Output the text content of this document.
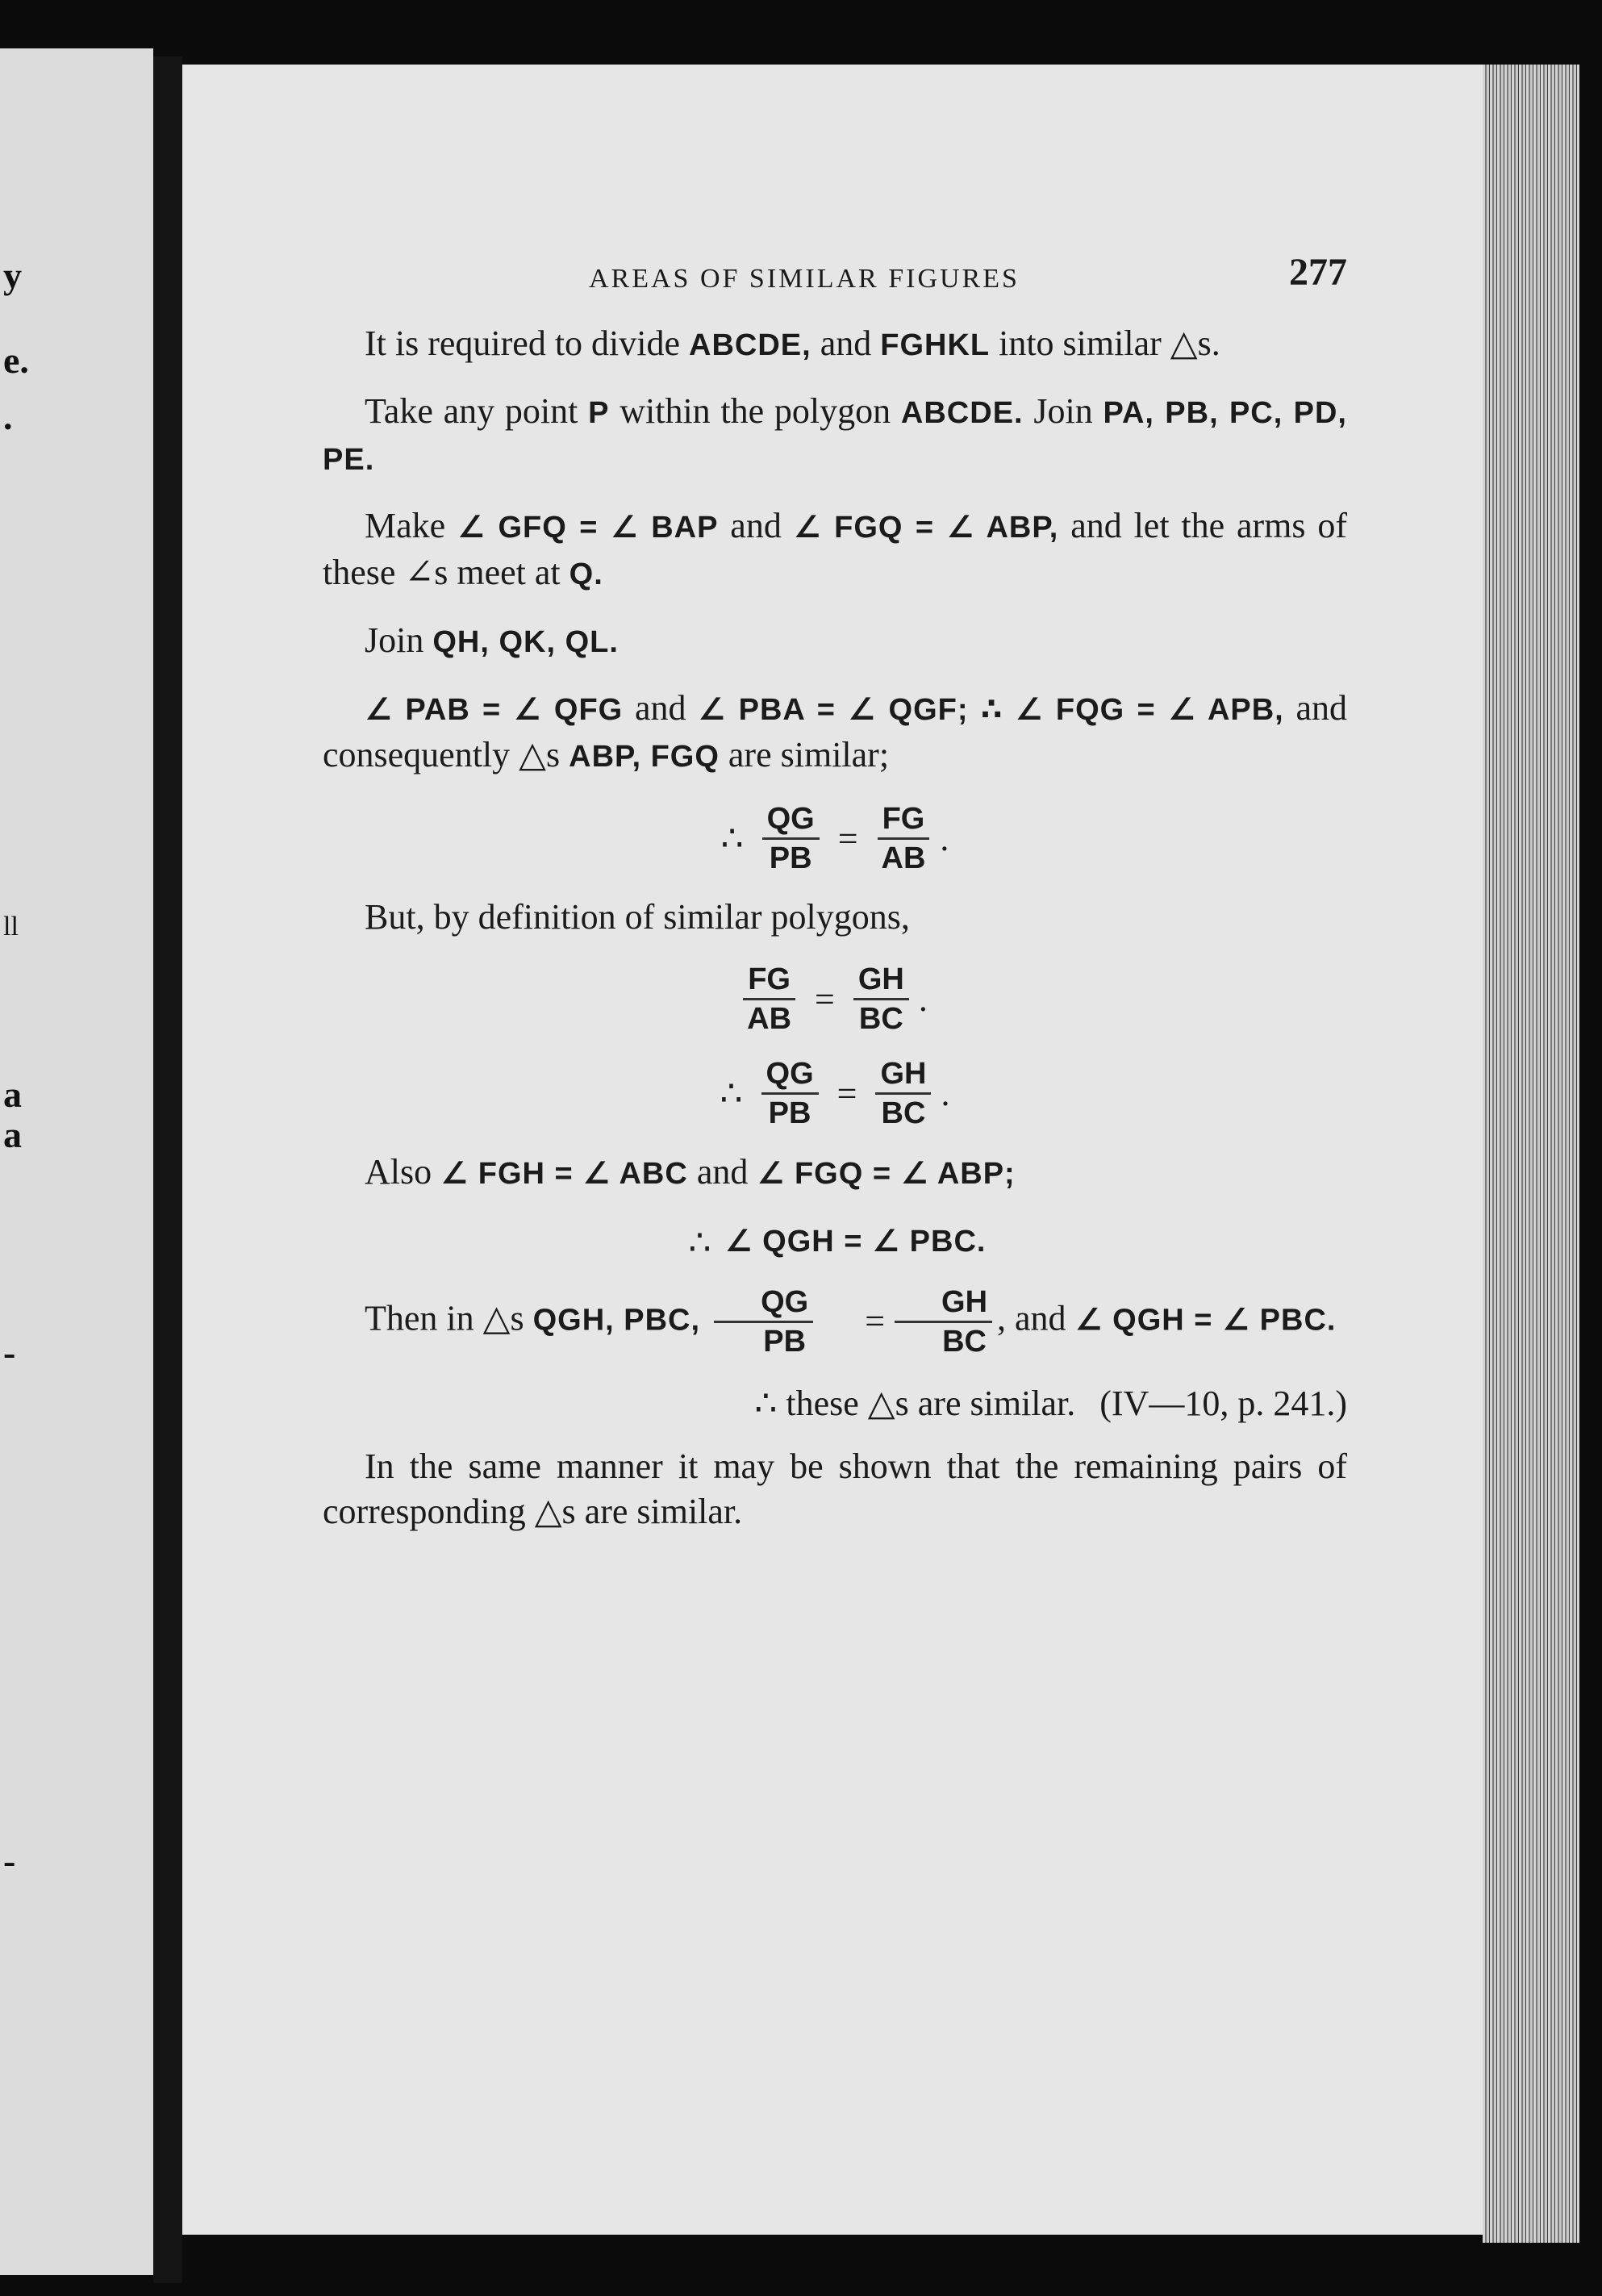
y
e.
.
ll
a
a
-
-
AREAS OF SIMILAR FIGURES	277

It is required to divide ABCDE, and FGHKL into similar △s.

Take any point P within the polygon ABCDE. Join PA, PB, PC, PD, PE.

Make ∠ GFQ = ∠ BAP and ∠ FGQ = ∠ ABP, and let the arms of these ∠s meet at Q.

Join QH, QK, QL.

∠ PAB = ∠ QFG and ∠ PBA = ∠ QGF; ∴ ∠ FQG = ∠ APB, and consequently △s ABP, FGQ are similar;

∴ $\frac{QG}{PB} = \frac{FG}{AB}$ .

But, by definition of similar polygons,

$\frac{FG}{AB} = \frac{GH}{BC}$ .
∴ $\frac{QG}{PB} = \frac{GH}{BC}$ .

Also ∠ FGH = ∠ ABC and ∠ FGQ = ∠ ABP;

∴ ∠ QGH = ∠ PBC.

Then in △s QGH, PBC, $\frac{QG}{PB} = \frac{GH}{BC}$ , and ∠ QGH = ∠ PBC.

∴ these △s are similar. (IV—10, p. 241.)

In the same manner it may be shown that the remaining pairs of corresponding △s are similar.
